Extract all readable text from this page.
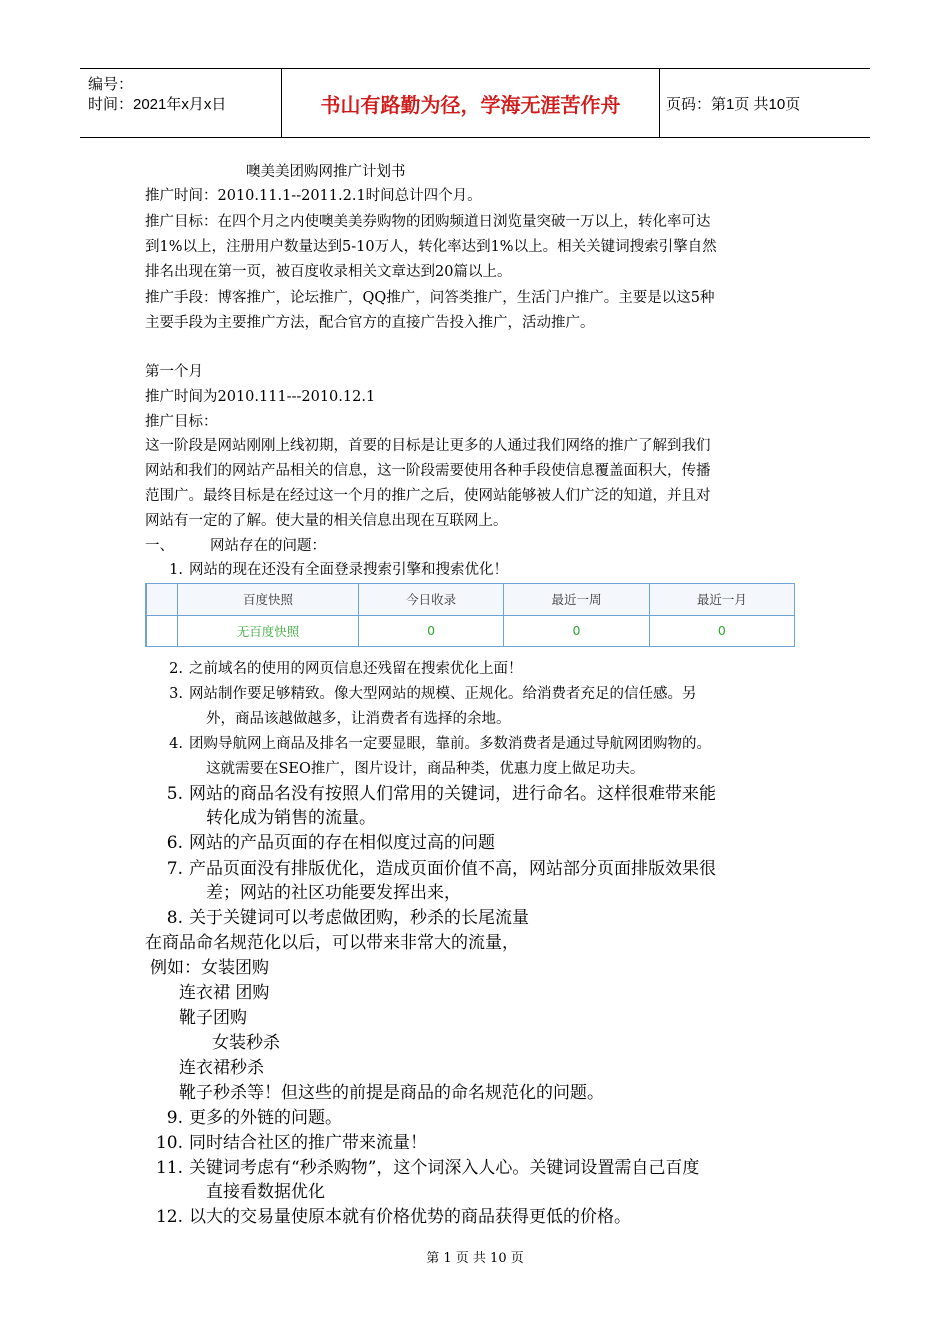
编号：
时间：2021年x月x日	书山有路勤为径，学海无涯苦作舟	页码：第1页 共10页
噢美美团购网推广计划书
推广时间：2010.11.1--2011.2.1时间总计四个月。
推广目标：在四个月之内使噢美美券购物的团购频道日浏览量突破一万以上，转化率可达
到1%以上，注册用户数量达到5-10万人，转化率达到1%以上。相关关键词搜索引擎自然
排名出现在第一页，被百度收录相关文章达到20篇以上。
推广手段：博客推广，论坛推广，QQ推广，问答类推广，生活门户推广。主要是以这5种
主要手段为主要推广方法，配合官方的直接广告投入推广，活动推广。
第一个月
推广时间为2010.111---2010.12.1
推广目标：
这一阶段是网站刚刚上线初期，首要的目标是让更多的人通过我们网络的推广了解到我们
网站和我们的网站产品相关的信息，这一阶段需要使用各种手段使信息覆盖面积大，传播
范围广。最终目标是在经过这一个月的推广之后，使网站能够被人们广泛的知道，并且对
网站有一定的了解。使大量的相关信息出现在互联网上。
一、 网站存在的问题：
1. 网站的现在还没有全面登录搜索引擎和搜索优化！
	百度快照	今日收录	最近一周	最近一月
	无百度快照	0	0	0
2. 之前域名的使用的网页信息还残留在搜索优化上面！
3. 网站制作要足够精致。像大型网站的规模、正规化。给消费者充足的信任感。另
外，商品该越做越多，让消费者有选择的余地。
4. 团购导航网上商品及排名一定要显眼，靠前。多数消费者是通过导航网团购物的。
这就需要在SEO推广，图片设计，商品种类，优惠力度上做足功夫。
5. 网站的商品名没有按照人们常用的关键词，进行命名。这样很难带来能
转化成为销售的流量。
6. 网站的产品页面的存在相似度过高的问题
7. 产品页面没有排版优化，造成页面价值不高，网站部分页面排版效果很
差；网站的社区功能要发挥出来，
8. 关于关键词可以考虑做团购，秒杀的长尾流量
在商品命名规范化以后，可以带来非常大的流量，
例如：女装团购
连衣裙 团购
靴子团购
女装秒杀
连衣裙秒杀
靴子秒杀等！但这些的前提是商品的命名规范化的问题。
9. 更多的外链的问题。
10. 同时结合社区的推广带来流量！
11. 关键词考虑有“秒杀购物”，这个词深入人心。关键词设置需自己百度
直接看数据优化
12. 以大的交易量使原本就有价格优势的商品获得更低的价格。
第 1 页 共 10 页
